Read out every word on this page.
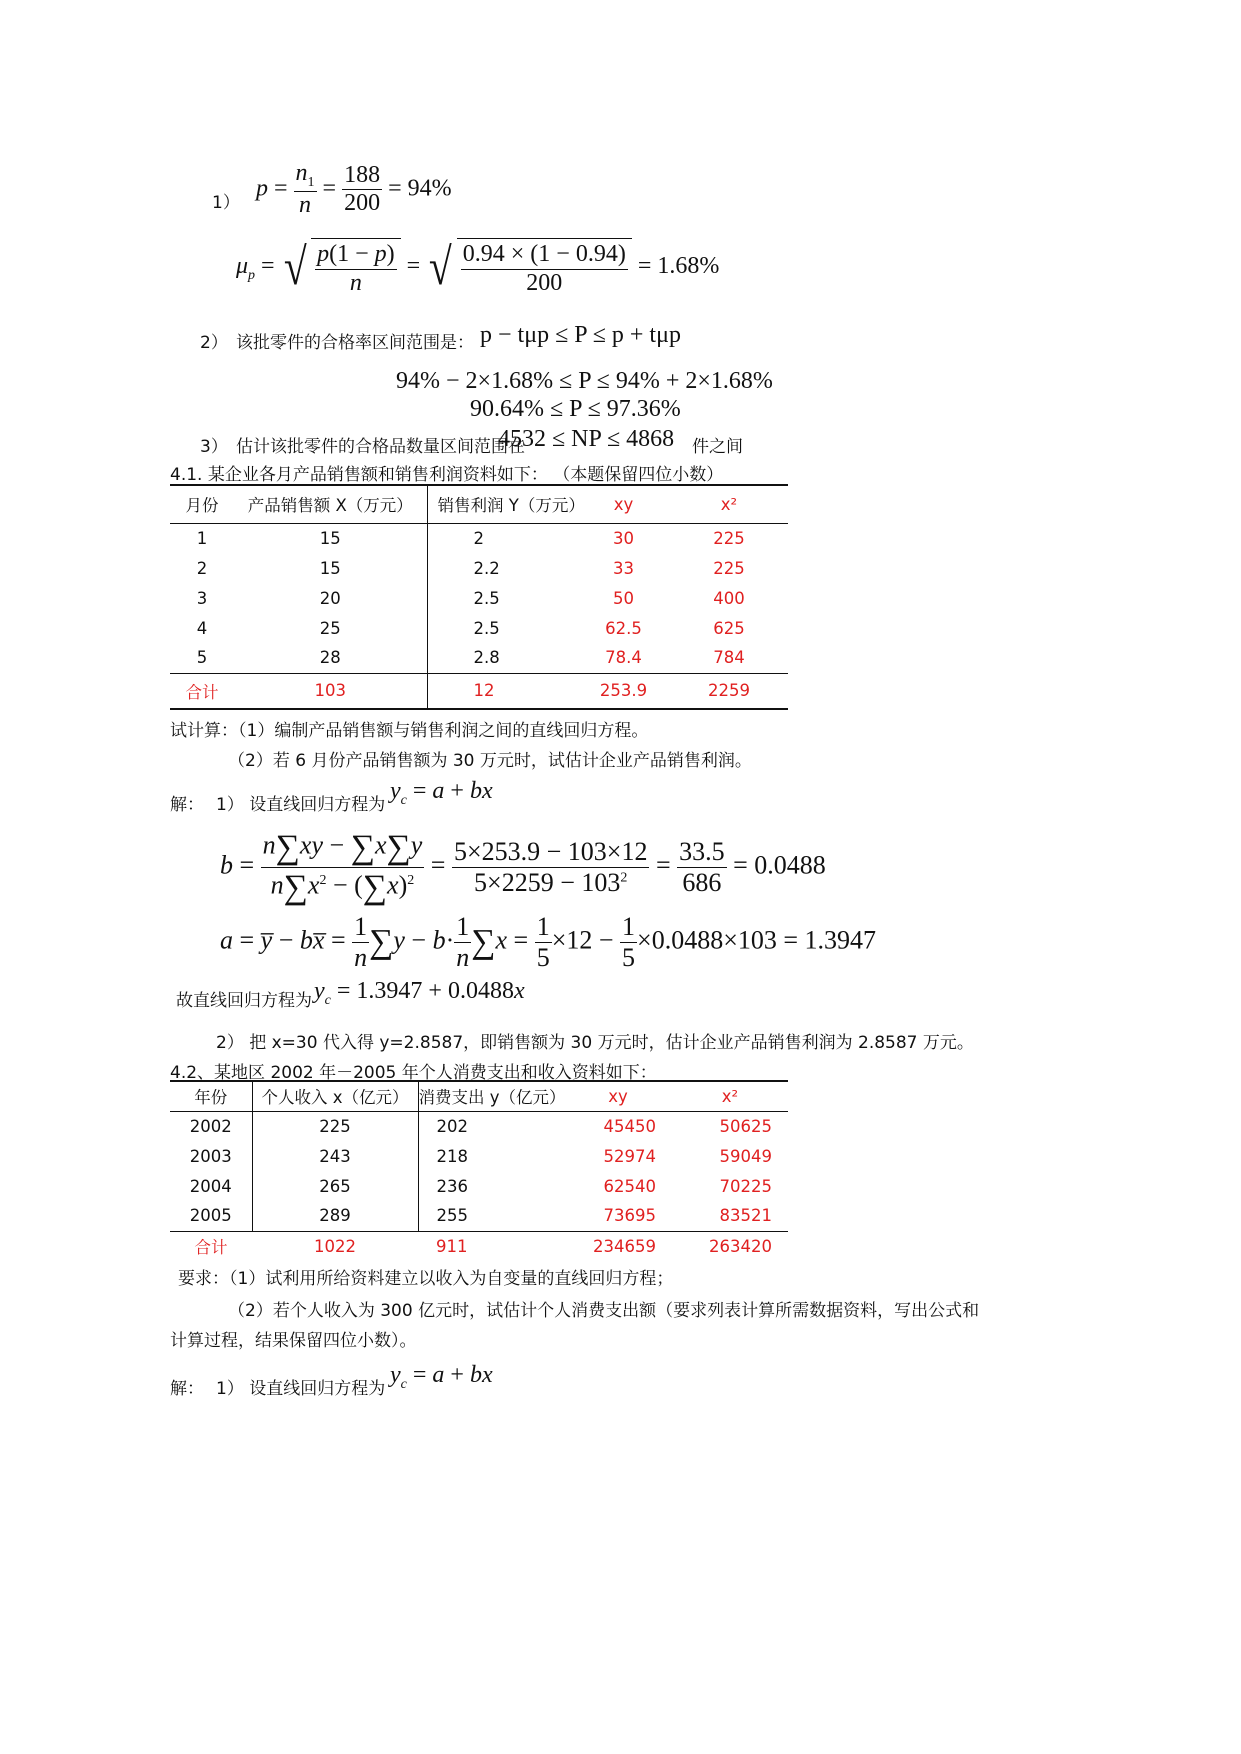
1）
$p = \frac{n_1}{n} = \frac{188}{200} = 94\%$
$\mu_p$ = √ $\frac{p(1 - p)}{n}$ = √ $\frac{0.94 \times (1 - 0.94)}{200} = 1.68\%$
2） 该批零件的合格率区间范围是： p − tμp ≤ P ≤ p + tμp
94% − 2×1.68% ≤ P ≤ 94% + 2×1.68%
90.64% ≤ P ≤ 97.36%
3） 估计该批零件的合格品数量区间范围在
4532 ≤ NP ≤ 4868 件之间
4.1. 某企业各月产品销售额和销售利润资料如下： （本题保留四位小数）
月份	产品销售额 X（万元）	销售利润 Y（万元）	xy	x²
1	15	2	30	225
2	15	2.2	33	225
3	20	2.5	50	400
4	25	2.5	62.5	625
5	28	2.8	78.4	784
合计	103	12	253.9	2259
试计算：（1）编制产品销售额与销售利润之间的直线回归方程。
（2）若 6 月份产品销售额为 30 万元时，试估计企业产品销售利润。
解： 1） 设直线回归方程为
$y_c = a$ + bx
$b = \frac{n\sum xy - \sum x\sum y}{n\sum x^2 - (\sum x)^2} = \frac{5\times 253.9 - 103\times 12}{5\times 2259 - 103^2} = \frac{33.5}{686} = 0.0488$
a = y̅ − bx̅ = $\frac{1}{n} \sum y - b\cdot \frac{1}{n} \sum x = \frac{1}{5} \times 12 - \frac{1}{5} \times 0.0488\times 103 = 1.3947$
故直线回归方程为 $y_c = 1.3947 + 0.0488x$
2） 把 x=30 代入得 y=2.8587，即销售额为 30 万元时，估计企业产品销售利润为 2.8587 万元。
4.2、某地区 2002 年－2005 年个人消费支出和收入资料如下：
年份	个人收入 x（亿元）	消费支出 y（亿元）	xy	x²
2002	225	202	45450	50625
2003	243	218	52974	59049
2004	265	236	62540	70225
2005	289	255	73695	83521
合计	1022	911	234659	263420
要求：（1）试利用所给资料建立以收入为自变量的直线回归方程；
（2）若个人收入为 300 亿元时，试估计个人消费支出额（要求列表计算所需数据资料，写出公式和
计算过程，结果保留四位小数）。
解： 1） 设直线回归方程为
$y_c = a$ + bx
